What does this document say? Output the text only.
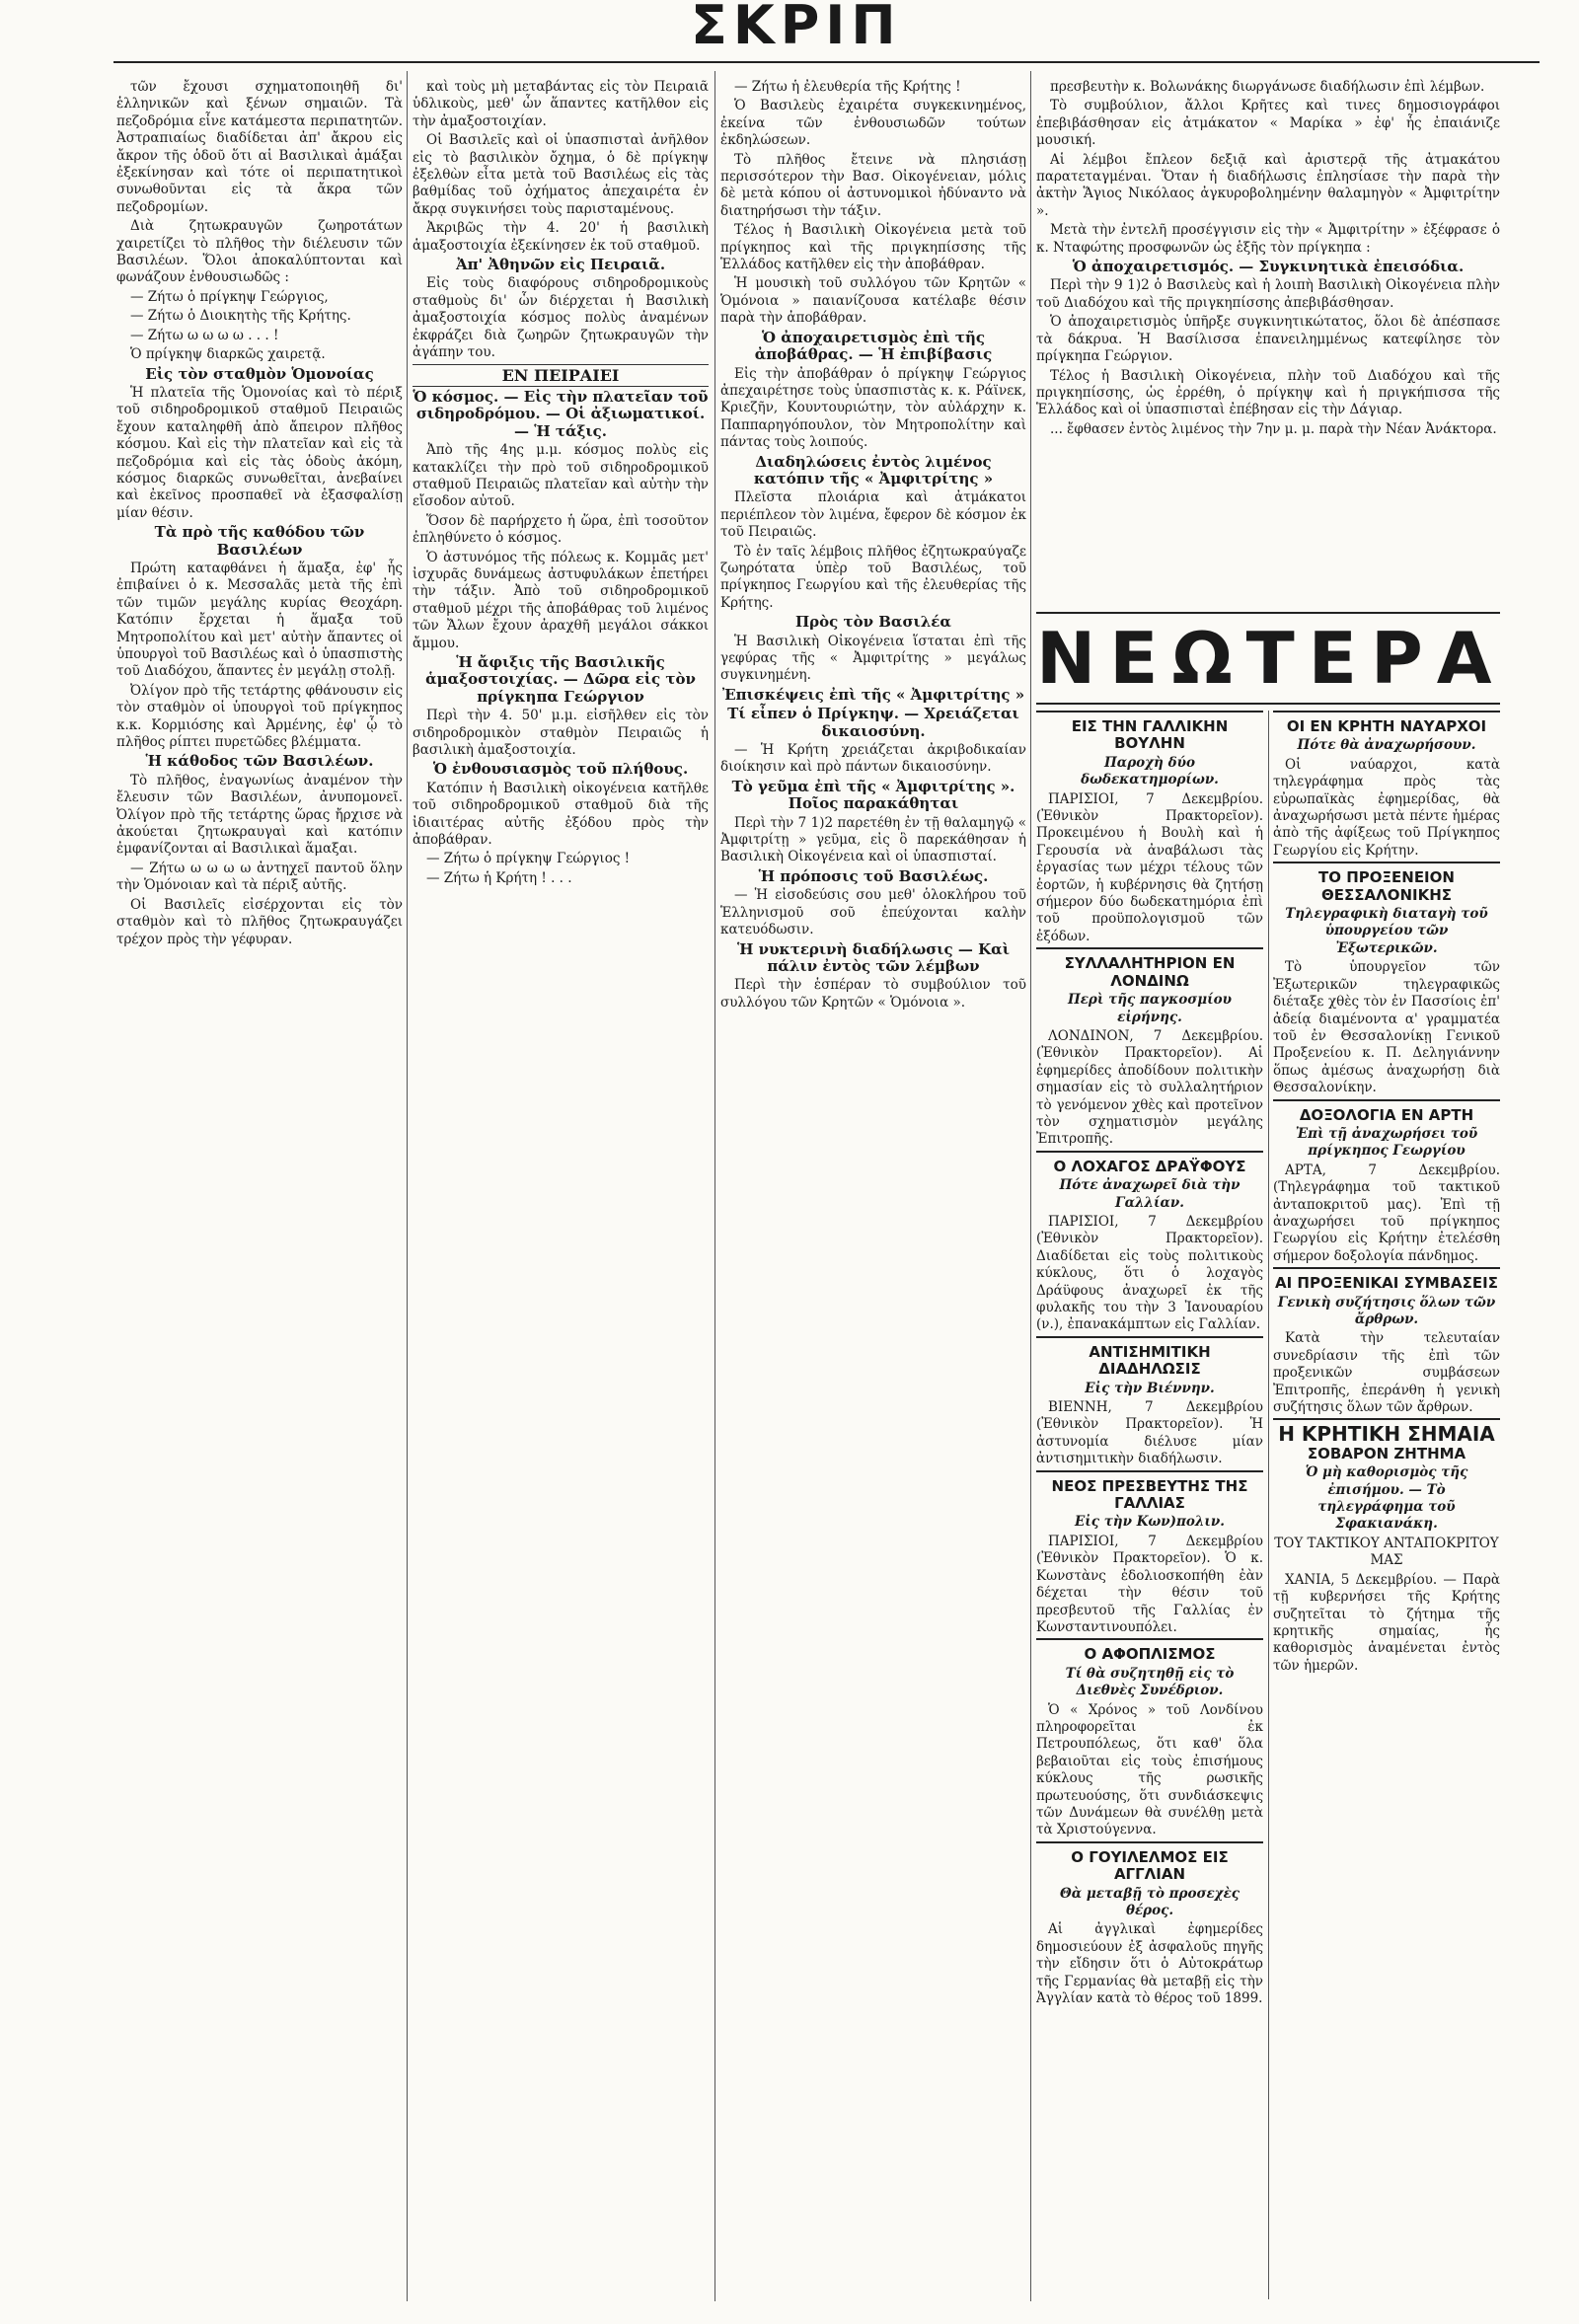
ΣΚΡΙΠ

τῶν ἔχουσι σχηματοποιηθῆ δι' ἑλληνικῶν καὶ ξένων σημαιῶν. Τὰ πεζοδρόμια εἶνε κατάμεστα περιπατητῶν. Ἀστραπιαίως διαδίδεται ἀπ' ἄκρου εἰς ἄκρον τῆς ὁδοῦ ὅτι αἱ Βασιλικαὶ ἁμάξαι ἐξεκίνησαν καὶ τότε οἱ περιπατητικοὶ συνωθοῦνται εἰς τὰ ἄκρα τῶν πεζοδρομίων.

Διὰ ζητωκραυγῶν ζωηροτάτων χαιρετίζει τὸ πλῆθος τὴν διέλευσιν τῶν Βασιλέων. Ὅλοι ἀποκαλύπτονται καὶ φωνάζουν ἐνθουσιωδῶς :

— Ζήτω ὁ πρίγκηψ Γεώργιος,

— Ζήτω ὁ Διοικητὴς τῆς Κρήτης.

— Ζήτω ω ω ω ω . . . !

Ὁ πρίγκηψ διαρκῶς χαιρετᾷ.

Εἰς τὸν σταθμὸν Ὁμονοίας

Ἡ πλατεῖα τῆς Ὁμονοίας καὶ τὸ πέριξ τοῦ σιδηροδρομικοῦ σταθμοῦ Πειραιῶς ἔχουν καταληφθῆ ἀπὸ ἄπειρον πλῆθος κόσμου. Καὶ εἰς τὴν πλατεῖαν καὶ εἰς τὰ πεζοδρόμια καὶ εἰς τὰς ὁδοὺς ἀκόμη, κόσμος διαρκῶς συνωθεῖται, ἀνεβαίνει καὶ ἐκεῖνος προσπαθεῖ νὰ ἐξασφαλίσῃ μίαν θέσιν.

Τὰ πρὸ τῆς καθόδου τῶν Βασιλέων

Πρώτη καταφθάνει ἡ ἅμαξα, ἐφ' ἧς ἐπιβαίνει ὁ κ. Μεσσαλᾶς μετὰ τῆς ἐπὶ τῶν τιμῶν μεγάλης κυρίας Θεοχάρη. Κατόπιν ἔρχεται ἡ ἅμαξα τοῦ Μητροπολίτου καὶ μετ' αὐτὴν ἅπαντες οἱ ὑπουργοὶ τοῦ Βασιλέως καὶ ὁ ὑπασπιστὴς τοῦ Διαδόχου, ἅπαντες ἐν μεγάλῃ στολῇ.

Ὀλίγον πρὸ τῆς τετάρτης φθάνουσιν εἰς τὸν σταθμὸν οἱ ὑπουργοὶ τοῦ πρίγκηπος κ.κ. Κορμιόσης καὶ Ἀρμένης, ἐφ' ᾧ τὸ πλῆθος ρίπτει πυρετῶδες βλέμματα.

Ἡ κάθοδος τῶν Βασιλέων.

Τὸ πλῆθος, ἐναγωνίως ἀναμένον τὴν ἔλευσιν τῶν Βασιλέων, ἀνυπομονεῖ. Ὀλίγον πρὸ τῆς τετάρτης ὥρας ἤρχισε νὰ ἀκούεται ζητωκραυγαὶ καὶ κατόπιν ἐμφανίζονται αἱ Βασιλικαὶ ἅμαξαι.

— Ζήτω ω ω ω ω ἀντηχεῖ παντοῦ ὅλην τὴν Ὁμόνοιαν καὶ τὰ πέριξ αὐτῆς.

Οἱ Βασιλεῖς εἰσέρχονται εἰς τὸν σταθμὸν καὶ τὸ πλῆθος ζητωκραυγάζει τρέχον πρὸς τὴν γέφυραν.

καὶ τοὺς μὴ μεταβάντας εἰς τὸν Πειραιᾶ ὑδλικοὺς, μεθ' ὧν ἅπαντες κατῆλθον εἰς τὴν ἀμαξοστοιχίαν.

Οἱ Βασιλεῖς καὶ οἱ ὑπασπισταὶ ἀνῆλθον εἰς τὸ βασιλικὸν ὄχημα, ὁ δὲ πρίγκηψ ἐξελθὼν εἶτα μετὰ τοῦ Βασιλέως εἰς τὰς βαθμίδας τοῦ ὀχήματος ἀπεχαιρέτα ἐν ἄκρᾳ συγκινήσει τοὺς παρισταμένους.

Ἀκριβῶς τὴν 4. 20' ἡ βασιλικὴ ἁμαξοστοιχία ἐξεκίνησεν ἐκ τοῦ σταθμοῦ.

Ἀπ' Ἀθηνῶν εἰς Πειραιᾶ.

Εἰς τοὺς διαφόρους σιδηροδρομικοὺς σταθμοὺς δι' ὧν διέρχεται ἡ Βασιλικὴ ἀμαξοστοιχία κόσμος πολὺς ἀναμένων ἐκφράζει διὰ ζωηρῶν ζητωκραυγῶν τὴν ἀγάπην του.

ΕΝ ΠΕΙΡΑΙΕΙ

Ὁ κόσμος. — Εἰς τὴν πλατεῖαν τοῦ σιδηροδρόμου. — Οἱ ἀξιωματικοί. — Ἡ τάξις.

Ἀπὸ τῆς 4ης μ.μ. κόσμος πολὺς εἰς κατακλίζει τὴν πρὸ τοῦ σιδηροδρομικοῦ σταθμοῦ Πειραιῶς πλατεῖαν καὶ αὐτὴν τὴν εἴσοδον αὐτοῦ.

Ὅσον δὲ παρήρχετο ἡ ὥρα, ἐπὶ τοσοῦτον ἐπληθύνετο ὁ κόσμος.

Ὁ ἀστυνόμος τῆς πόλεως κ. Κομμᾶς μετ' ἰσχυρᾶς δυνάμεως ἀστυφυλάκων ἐπετήρει τὴν τάξιν. Ἀπὸ τοῦ σιδηροδρομικοῦ σταθμοῦ μέχρι τῆς ἀποβάθρας τοῦ λιμένος τῶν Ἄλων ἔχουν ἀραχθῆ μεγάλοι σάκκοι ἄμμου.

Ἡ ἄφιξις τῆς Βασιλικῆς ἁμαξοστοιχίας. — Δῶρα εἰς τὸν πρίγκηπα Γεώργιον

Περὶ τὴν 4. 50' μ.μ. εἰσῆλθεν εἰς τὸν σιδηροδρομικὸν σταθμὸν Πειραιῶς ἡ βασιλικὴ ἀμαξοστοιχία.

Ὁ ἐνθουσιασμὸς τοῦ πλήθους.

Κατόπιν ἡ Βασιλικὴ οἰκογένεια κατῆλθε τοῦ σιδηροδρομικοῦ σταθμοῦ διὰ τῆς ἰδιαιτέρας αὐτῆς ἐξόδου πρὸς τὴν ἀποβάθραν.

— Ζήτω ὁ πρίγκηψ Γεώργιος !

— Ζήτω ἡ Κρήτη ! . . .

— Ζήτω ἡ ἐλευθερία τῆς Κρήτης !

Ὁ Βασιλεὺς ἐχαιρέτα συγκεκινημένος, ἐκείνα τῶν ἐνθουσιωδῶν τούτων ἐκδηλώσεων.

Τὸ πλῆθος ἔτεινε νὰ πλησιάσῃ περισσότερον τὴν Βασ. Οἰκογένειαν, μόλις δὲ μετὰ κόπου οἱ ἀστυνομικοὶ ἠδύναντο νὰ διατηρήσωσι τὴν τάξιν.

Τέλος ἡ Βασιλικὴ Οἰκογένεια μετὰ τοῦ πρίγκηπος καὶ τῆς πριγκηπίσσης τῆς Ἑλλάδος κατῆλθεν εἰς τὴν ἀποβάθραν.

Ἡ μουσικὴ τοῦ συλλόγου τῶν Κρητῶν « Ὁμόνοια » παιανίζουσα κατέλαβε θέσιν παρὰ τὴν ἀποβάθραν.

Ὁ ἀποχαιρετισμὸς ἐπὶ τῆς ἀποβάθρας. — Ἡ ἐπιβίβασις

Εἰς τὴν ἀποβάθραν ὁ πρίγκηψ Γεώργιος ἀπεχαιρέτησε τοὺς ὑπασπιστὰς κ. κ. Ράϊνεκ, Κριεζῆν, Κουντουριώτην, τὸν αὐλάρχην κ. Παππαρηγόπουλον, τὸν Μητροπολίτην καὶ πάντας τοὺς λοιπούς.

Διαδηλώσεις ἐντὸς λιμένος κατόπιν τῆς « Ἀμφιτρίτης »

Πλεῖστα πλοιάρια καὶ ἀτμάκατοι περιέπλεον τὸν λιμένα, ἔφερον δὲ κόσμον ἐκ τοῦ Πειραιῶς.

Τὸ ἐν ταῖς λέμβοις πλῆθος ἐζητωκραύγαζε ζωηρότατα ὑπὲρ τοῦ Βασιλέως, τοῦ πρίγκηπος Γεωργίου καὶ τῆς ἐλευθερίας τῆς Κρήτης.

Πρὸς τὸν Βασιλέα

Ἡ Βασιλικὴ Οἰκογένεια ἵσταται ἐπὶ τῆς γεφύρας τῆς « Ἀμφιτρίτης » μεγάλως συγκινημένη.

Ἐπισκέψεις ἐπὶ τῆς « Ἀμφιτρίτης »

Τί εἶπεν ὁ Πρίγκηψ. — Χρειάζεται δικαιοσύνη.

— Ἡ Κρήτη χρειάζεται ἀκριβοδικαίαν διοίκησιν καὶ πρὸ πάντων δικαιοσύνην.

Τὸ γεῦμα ἐπὶ τῆς « Ἀμφιτρίτης ». Ποῖος παρακάθηται

Περὶ τὴν 7 1)2 παρετέθη ἐν τῇ θαλαμηγῷ « Ἀμφιτρίτῃ » γεῦμα, εἰς ὃ παρεκάθησαν ἡ Βασιλικὴ Οἰκογένεια καὶ οἱ ὑπασπισταί.

Ἡ πρόποσις τοῦ Βασιλέως.

— Ἡ εἰσοδεύσις σου μεθ' ὁλοκλήρου τοῦ Ἑλληνισμοῦ σοῦ ἐπεύχονται καλὴν κατευόδωσιν.

Ἡ νυκτερινὴ διαδήλωσις — Καὶ πάλιν ἐντὸς τῶν λέμβων

Περὶ τὴν ἑσπέραν τὸ συμβούλιον τοῦ συλλόγου τῶν Κρητῶν « Ὁμόνοια ».

πρεσβευτὴν κ. Βολωνάκης διωργάνωσε διαδήλωσιν ἐπὶ λέμβων.

Τὸ συμβούλιον, ἄλλοι Κρῆτες καὶ τινες δημοσιογράφοι ἐπεβιβάσθησαν εἰς ἀτμάκατον « Μαρίκα » ἐφ' ἧς ἐπαιάνιζε μουσική.

Αἱ λέμβοι ἔπλεον δεξιᾷ καὶ ἀριστερᾷ τῆς ἀτμακάτου παρατεταγμέναι. Ὅταν ἡ διαδήλωσις ἐπλησίασε τὴν παρὰ τὴν ἀκτὴν Ἅγιος Νικόλαος ἀγκυροβολημένην θαλαμηγὸν « Ἀμφιτρίτην ».

Μετὰ τὴν ἐντελῆ προσέγγισιν εἰς τὴν « Ἀμφιτρίτην » ἐξέφρασε ὁ κ. Νταφώτης προσφωνῶν ὡς ἑξῆς τὸν πρίγκηπα :

Ὁ ἀποχαιρετισμός. — Συγκινητικὰ ἐπεισόδια.

Περὶ τὴν 9 1)2 ὁ Βασιλεὺς καὶ ἡ λοιπὴ Βασιλικὴ Οἰκογένεια πλὴν τοῦ Διαδόχου καὶ τῆς πριγκηπίσσης ἀπεβιβάσθησαν.

Ὁ ἀποχαιρετισμὸς ὑπῆρξε συγκινητικώτατος, ὅλοι δὲ ἀπέσπασε τὰ δάκρυα. Ἡ Βασίλισσα ἐπανειλημμένως κατεφίλησε τὸν πρίγκηπα Γεώργιον.

Τέλος ἡ Βασιλικὴ Οἰκογένεια, πλὴν τοῦ Διαδόχου καὶ τῆς πριγκηπίσσης, ὡς ἐρρέθη, ὁ πρίγκηψ καὶ ἡ πριγκήπισσα τῆς Ἑλλάδος καὶ οἱ ὑπασπισταὶ ἐπέβησαν εἰς τὴν Δάγιαρ.

... ἔφθασεν ἐντὸς λιμένος τὴν 7ην μ. μ. παρὰ τὴν Νέαν Ἀνάκτορα.

ΝΕΩΤΕΡΑ

ΕΙΣ ΤΗΝ ΓΑΛΛΙΚΗΝ ΒΟΥΛΗΝ

Παροχὴ δύο δωδεκατημορίων.

ΠΑΡΙΣΙΟΙ, 7 Δεκεμβρίου. (Ἐθνικὸν Πρακτορεῖον). Προκειμένου ἡ Βουλὴ καὶ ἡ Γερουσία νὰ ἀναβάλωσι τὰς ἐργασίας των μέχρι τέλους τῶν ἑορτῶν, ἡ κυβέρνησις θὰ ζητήσῃ σήμερον δύο δωδεκατημόρια ἐπὶ τοῦ προϋπολογισμοῦ τῶν ἐξόδων.

ΣΥΛΛΑΛΗΤΗΡΙΟΝ ΕΝ ΛΟΝΔΙΝΩ

Περὶ τῆς παγκοσμίου εἰρήνης.

ΛΟΝΔΙΝΟΝ, 7 Δεκεμβρίου. (Ἐθνικὸν Πρακτορεῖον). Αἱ ἐφημερίδες ἀποδίδουν πολιτικὴν σημασίαν εἰς τὸ συλλαλητήριον τὸ γενόμενον χθὲς καὶ προτεῖνον τὸν σχηματισμὸν μεγάλης Ἐπιτροπῆς.

Ο ΛΟΧΑΓΟΣ ΔΡΑΫΦΟΥΣ

Πότε ἀναχωρεῖ διὰ τὴν Γαλλίαν.

ΠΑΡΙΣΙΟΙ, 7 Δεκεμβρίου (Ἐθνικὸν Πρακτορεῖον). Διαδίδεται εἰς τοὺς πολιτικοὺς κύκλους, ὅτι ὁ λοχαγὸς Δράϋφους ἀναχωρεῖ ἐκ τῆς φυλακῆς του τὴν 3 Ἰανουαρίου (ν.), ἐπανακάμπτων εἰς Γαλλίαν.

ΑΝΤΙΣΗΜΙΤΙΚΗ ΔΙΑΔΗΛΩΣΙΣ

Εἰς τὴν Βιέννην.

ΒΙΕΝΝΗ, 7 Δεκεμβρίου (Ἐθνικὸν Πρακτορεῖον). Ἡ ἀστυνομία διέλυσε μίαν ἀντισημιτικὴν διαδήλωσιν.

ΝΕΟΣ ΠΡΕΣΒΕΥΤΗΣ ΤΗΣ ΓΑΛΛΙΑΣ

Εἰς τὴν Κων)πολιν.

ΠΑΡΙΣΙΟΙ, 7 Δεκεμβρίου (Ἐθνικὸν Πρακτορεῖον). Ὁ κ. Κωνστὰνς ἐδολιοσκοπήθη ἐὰν δέχεται τὴν θέσιν τοῦ πρεσβευτοῦ τῆς Γαλλίας ἐν Κωνσταντινουπόλει.

Ο ΑΦΟΠΛΙΣΜΟΣ

Τί θὰ συζητηθῇ εἰς τὸ Διεθνὲς Συνέδριον.

Ὁ « Χρόνος » τοῦ Λονδίνου πληροφορεῖται ἐκ Πετρουπόλεως, ὅτι καθ' ὅλα βεβαιοῦται εἰς τοὺς ἐπισήμους κύκλους τῆς ρωσικῆς πρωτευούσης, ὅτι συνδιάσκεψις τῶν Δυνάμεων θὰ συνέλθῃ μετὰ τὰ Χριστούγεννα.

Ο ΓΟΥΙΛΕΛΜΟΣ ΕΙΣ ΑΓΓΛΙΑΝ

Θὰ μεταβῇ τὸ προσεχὲς θέρος.

Αἱ ἀγγλικαὶ ἐφημερίδες δημοσιεύουν ἐξ ἀσφαλοῦς πηγῆς τὴν εἴδησιν ὅτι ὁ Αὐτοκράτωρ τῆς Γερμανίας θὰ μεταβῇ εἰς τὴν Ἀγγλίαν κατὰ τὸ θέρος τοῦ 1899.

ΟΙ ΕΝ ΚΡΗΤΗ ΝΑΥΑΡΧΟΙ

Πότε θὰ ἀναχωρήσουν.

Οἱ ναύαρχοι, κατὰ τηλεγράφημα πρὸς τὰς εὐρωπαϊκὰς ἐφημερίδας, θὰ ἀναχωρήσωσι μετὰ πέντε ἡμέρας ἀπὸ τῆς ἀφίξεως τοῦ Πρίγκηπος Γεωργίου εἰς Κρήτην.

ΤΟ ΠΡΟΞΕΝΕΙΟΝ ΘΕΣΣΑΛΟΝΙΚΗΣ

Τηλεγραφικὴ διαταγὴ τοῦ ὑπουργείου τῶν Ἐξωτερικῶν.

Τὸ ὑπουργεῖον τῶν Ἐξωτερικῶν τηλεγραφικῶς διέταξε χθὲς τὸν ἐν Πασσίοις ἐπ' ἀδείᾳ διαμένοντα α' γραμματέα τοῦ ἐν Θεσσαλονίκῃ Γενικοῦ Προξενείου κ. Π. Δεληγιάννην ὅπως ἀμέσως ἀναχωρήσῃ διὰ Θεσσαλονίκην.

ΔΟΞΟΛΟΓΙΑ ΕΝ ΑΡΤΗ

Ἐπὶ τῇ ἀναχωρήσει τοῦ πρίγκηπος Γεωργίου

ΑΡΤΑ, 7 Δεκεμβρίου. (Τηλεγράφημα τοῦ τακτικοῦ ἀνταποκριτοῦ μας). Ἐπὶ τῇ ἀναχωρήσει τοῦ πρίγκηπος Γεωργίου εἰς Κρήτην ἐτελέσθη σήμερον δοξολογία πάνδημος.

ΑΙ ΠΡΟΞΕΝΙΚΑΙ ΣΥΜΒΑΣΕΙΣ

Γενικὴ συζήτησις ὅλων τῶν ἄρθρων.

Κατὰ τὴν τελευταίαν συνεδρίασιν τῆς ἐπὶ τῶν προξενικῶν συμβάσεων Ἐπιτροπῆς, ἐπεράνθη ἡ γενικὴ συζήτησις ὅλων τῶν ἄρθρων.

Η ΚΡΗΤΙΚΗ ΣΗΜΑΙΑ

ΣΟΒΑΡΟΝ ΖΗΤΗΜΑ

Ὁ μὴ καθορισμὸς τῆς ἐπισήμου. — Τὸ τηλεγράφημα τοῦ Σφακιανάκη.

ΤΟΥ ΤΑΚΤΙΚΟΥ ΑΝΤΑΠΟΚΡΙΤΟΥ ΜΑΣ

ΧΑΝΙΑ, 5 Δεκεμβρίου. — Παρὰ τῇ κυβερνήσει τῆς Κρήτης συζητεῖται τὸ ζήτημα τῆς κρητικῆς σημαίας, ἧς καθορισμὸς ἀναμένεται ἐντὸς τῶν ἡμερῶν.
